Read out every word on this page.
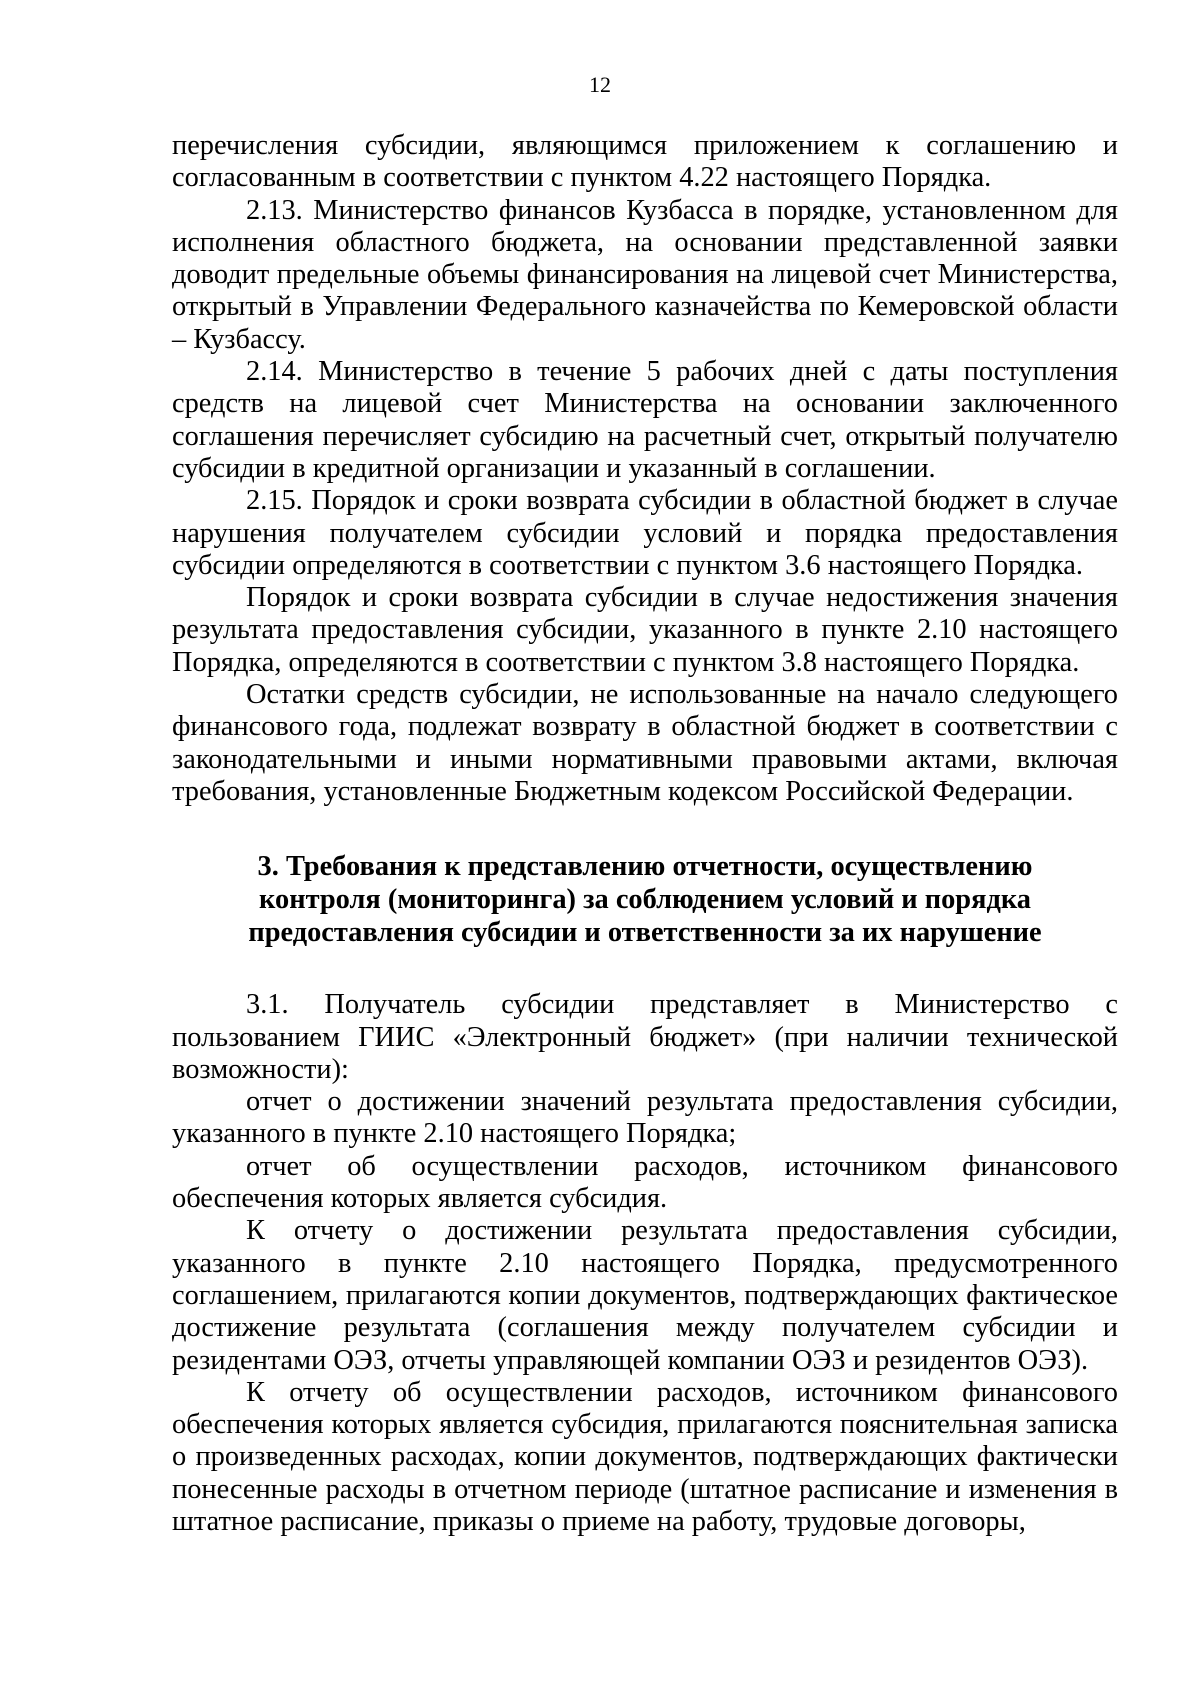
12

перечисления субсидии, являющимся приложением к соглашению и согласованным в соответствии с пунктом 4.22 настоящего Порядка.

2.13. Министерство финансов Кузбасса в порядке, установленном для исполнения областного бюджета, на основании представленной заявки доводит предельные объемы финансирования на лицевой счет Министерства, открытый в Управлении Федерального казначейства по Кемеровской области – Кузбассу.

2.14. Министерство в течение 5 рабочих дней с даты поступления средств на лицевой счет Министерства на основании заключенного соглашения перечисляет субсидию на расчетный счет, открытый получателю субсидии в кредитной организации и указанный в соглашении.

2.15. Порядок и сроки возврата субсидии в областной бюджет в случае нарушения получателем субсидии условий и порядка предоставления субсидии определяются в соответствии с пунктом 3.6 настоящего Порядка.

Порядок и сроки возврата субсидии в случае недостижения значения результата предоставления субсидии, указанного в пункте 2.10 настоящего Порядка, определяются в соответствии с пунктом 3.8 настоящего Порядка.

Остатки средств субсидии, не использованные на начало следующего финансового года, подлежат возврату в областной бюджет в соответствии с законодательными и иными нормативными правовыми актами, включая требования, установленные Бюджетным кодексом Российской Федерации.

3. Требования к представлению отчетности, осуществлению
контроля (мониторинга) за соблюдением условий и порядка
предоставления субсидии и ответственности за их нарушение

3.1. Получатель субсидии представляет в Министерство с пользованием ГИИС «Электронный бюджет» (при наличии технической возможности):

отчет о достижении значений результата предоставления субсидии, указанного в пункте 2.10 настоящего Порядка;

отчет об осуществлении расходов, источником финансового обеспечения которых является субсидия.

К отчету о достижении результата предоставления субсидии, указанного в пункте 2.10 настоящего Порядка, предусмотренного соглашением, прилагаются копии документов, подтверждающих фактическое достижение результата (соглашения между получателем субсидии и резидентами ОЭЗ, отчеты управляющей компании ОЭЗ и резидентов ОЭЗ).

К отчету об осуществлении расходов, источником финансового обеспечения которых является субсидия, прилагаются пояснительная записка о произведенных расходах, копии документов, подтверждающих фактически понесенные расходы в отчетном периоде (штатное расписание и изменения в штатное расписание, приказы о приеме на работу, трудовые договоры,
